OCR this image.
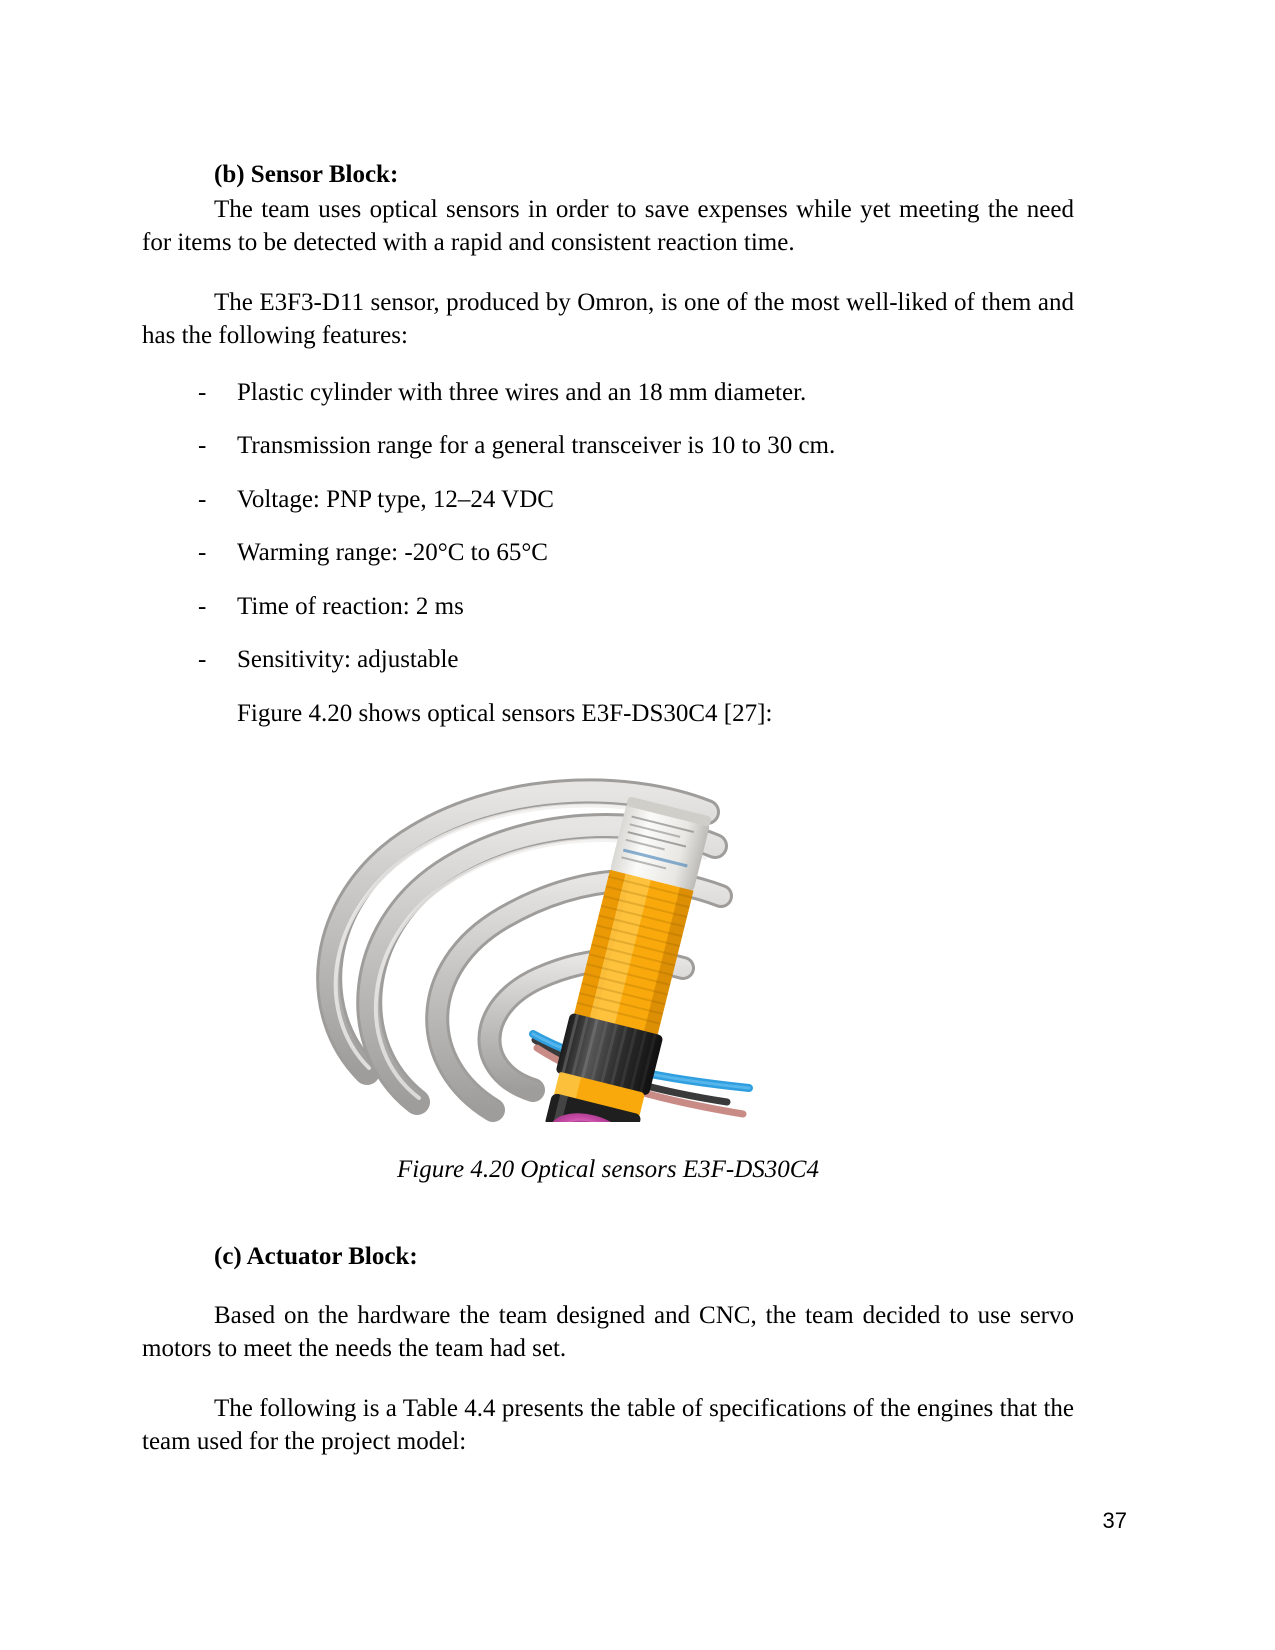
(b) Sensor Block:

The team uses optical sensors in order to save expenses while yet meeting the need for items to be detected with a rapid and consistent reaction time.

The E3F3-D11 sensor, produced by Omron, is one of the most well-liked of them and has the following features:

- Plastic cylinder with three wires and an 18 mm diameter.
- Transmission range for a general transceiver is 10 to 30 cm.
- Voltage: PNP type, 12–24 VDC
- Warming range: -20°C to 65°C
- Time of reaction: 2 ms
- Sensitivity: adjustable

Figure 4.20 shows optical sensors E3F-DS30C4 [27]:

Figure 4.20 Optical sensors E3F-DS30C4

(c) Actuator Block:

Based on the hardware the team designed and CNC, the team decided to use servo motors to meet the needs the team had set.

The following is a Table 4.4 presents the table of specifications of the engines that the team used for the project model:

37
